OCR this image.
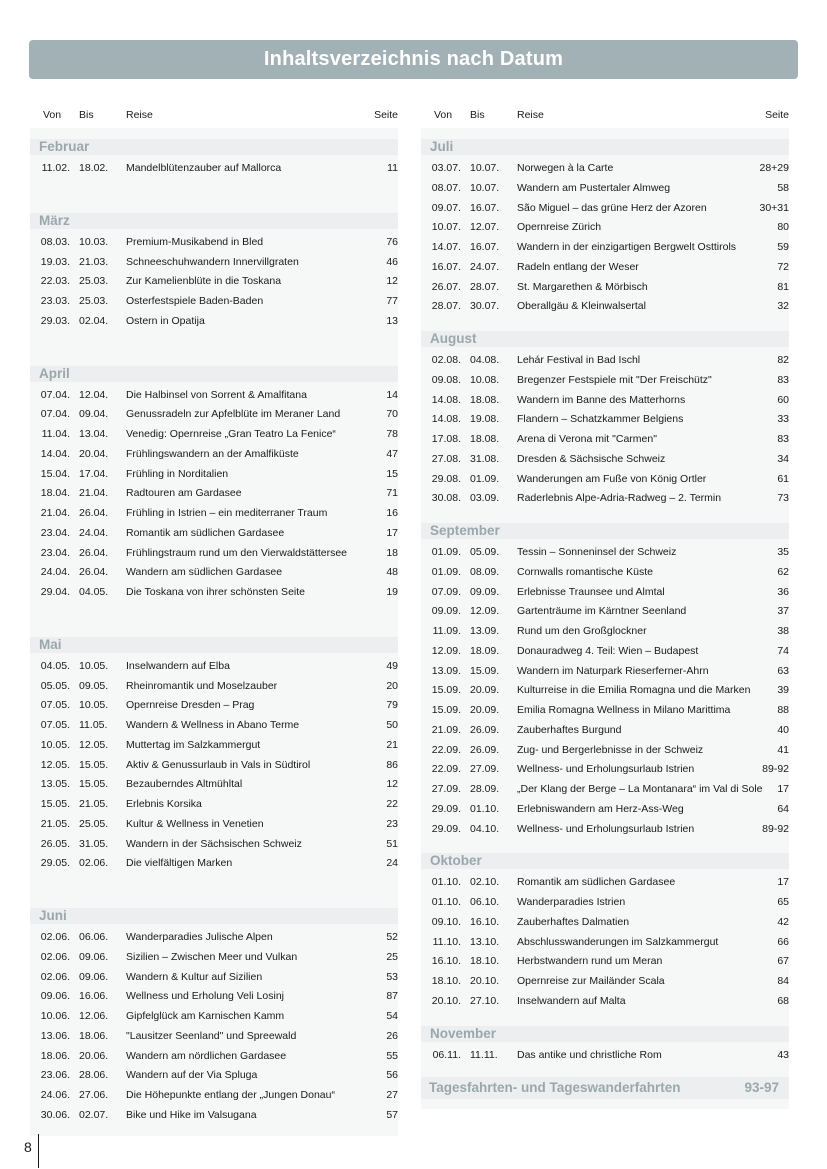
Inhaltsverzeichnis nach Datum
Von Bis	Reise	Seite
Februar
11.02. 18.02. Mandelblütenzauber auf Mallorca	11
März
08.03. 10.03. Premium-Musikabend in Bled	76
19.03. 21.03. Schneeschuhwandern Innervillgraten	46
22.03. 25.03. Zur Kamelienblüte in die Toskana	12
23.03. 25.03. Osterfestspiele Baden-Baden	77
29.03. 02.04. Ostern in Opatija	13
April
07.04. 12.04. Die Halbinsel von Sorrent & Amalfitana	14
07.04. 09.04. Genussradeln zur Apfelblüte im Meraner Land	70
11.04. 13.04. Venedig: Opernreise „Gran Teatro La Fenice“	78
14.04. 20.04. Frühlingswandern an der Amalfiküste	47
15.04. 17.04. Frühling in Norditalien	15
18.04. 21.04. Radtouren am Gardasee	71
21.04. 26.04. Frühling in Istrien – ein mediterraner Traum	16
23.04. 24.04. Romantik am südlichen Gardasee	17
23.04. 26.04. Frühlingstraum rund um den Vierwaldstättersee	18
24.04. 26.04. Wandern am südlichen Gardasee	48
29.04. 04.05. Die Toskana von ihrer schönsten Seite	19
Mai
04.05. 10.05. Inselwandern auf Elba	49
05.05. 09.05. Rheinromantik und Moselzauber	20
07.05. 10.05. Opernreise Dresden – Prag	79
07.05. 11.05. Wandern & Wellness in Abano Terme	50
10.05. 12.05. Muttertag im Salzkammergut	21
12.05. 15.05. Aktiv & Genussurlaub in Vals in Südtirol	86
13.05. 15.05. Bezauberndes Altmühltal	12
15.05. 21.05. Erlebnis Korsika	22
21.05. 25.05. Kultur & Wellness in Venetien	23
26.05. 31.05. Wandern in der Sächsischen Schweiz	51
29.05. 02.06. Die vielfältigen Marken	24
Juni
02.06. 06.06. Wanderparadies Julische Alpen	52
02.06. 09.06. Sizilien – Zwischen Meer und Vulkan	25
02.06. 09.06. Wandern & Kultur auf Sizilien	53
09.06. 16.06. Wellness und Erholung Veli Losinj	87
10.06. 12.06. Gipfelglück am Karnischen Kamm	54
13.06. 18.06. "Lausitzer Seenland" und Spreewald	26
18.06. 20.06. Wandern am nördlichen Gardasee	55
23.06. 28.06. Wandern auf der Via Spluga	56
24.06. 27.06. Die Höhepunkte entlang der „Jungen Donau“	27
30.06. 02.07. Bike und Hike im Valsugana	57
Von Bis	Reise	Seite
Juli
03.07. 10.07. Norwegen à la Carte	28+29
08.07. 10.07. Wandern am Pustertaler Almweg	58
09.07. 16.07. São Miguel – das grüne Herz der Azoren	30+31
10.07. 12.07. Opernreise Zürich	80
14.07. 16.07. Wandern in der einzigartigen Bergwelt Osttirols	59
16.07. 24.07. Radeln entlang der Weser	72
26.07. 28.07. St. Margarethen & Mörbisch	81
28.07. 30.07. Oberallgäu & Kleinwalsertal	32
August
02.08. 04.08. Lehár Festival in Bad Ischl	82
09.08. 10.08. Bregenzer Festspiele mit "Der Freischütz"	83
14.08. 18.08. Wandern im Banne des Matterhorns	60
14.08. 19.08. Flandern – Schatzkammer Belgiens	33
17.08. 18.08. Arena di Verona mit "Carmen"	83
27.08. 31.08. Dresden & Sächsische Schweiz	34
29.08. 01.09. Wanderungen am Fuße von König Ortler	61
30.08. 03.09. Raderlebnis Alpe-Adria-Radweg – 2. Termin	73
September
01.09. 05.09. Tessin – Sonneninsel der Schweiz	35
01.09. 08.09. Cornwalls romantische Küste	62
07.09. 09.09. Erlebnisse Traunsee und Almtal	36
09.09. 12.09. Gartenträume im Kärntner Seenland	37
11.09. 13.09. Rund um den Großglockner	38
12.09. 18.09. Donauradweg 4. Teil: Wien – Budapest	74
13.09. 15.09. Wandern im Naturpark Rieserferner-Ahrn	63
15.09. 20.09. Kulturreise in die Emilia Romagna und die Marken	39
15.09. 20.09. Emilia Romagna Wellness in Milano Marittima	88
21.09. 26.09. Zauberhaftes Burgund	40
22.09. 26.09. Zug- und Bergerlebnisse in der Schweiz	41
22.09. 27.09. Wellness- und Erholungsurlaub Istrien	89-92
27.09. 28.09. „Der Klang der Berge – La Montanara“ im Val di Sole 17
29.09. 01.10. Erlebniswandern am Herz-Ass-Weg	64
29.09. 04.10. Wellness- und Erholungsurlaub Istrien	89-92
Oktober
01.10. 02.10. Romantik am südlichen Gardasee	17
01.10. 06.10. Wanderparadies Istrien	65
09.10. 16.10. Zauberhaftes Dalmatien	42
11.10. 13.10. Abschlusswanderungen im Salzkammergut	66
16.10. 18.10. Herbstwandern rund um Meran	67
18.10. 20.10. Opernreise zur Mailänder Scala	84
20.10. 27.10. Inselwandern auf Malta	68
November
06.11. 11.11. Das antike und christliche Rom	43
Tagesfahrten- und Tageswanderfahrten	93-97
8
